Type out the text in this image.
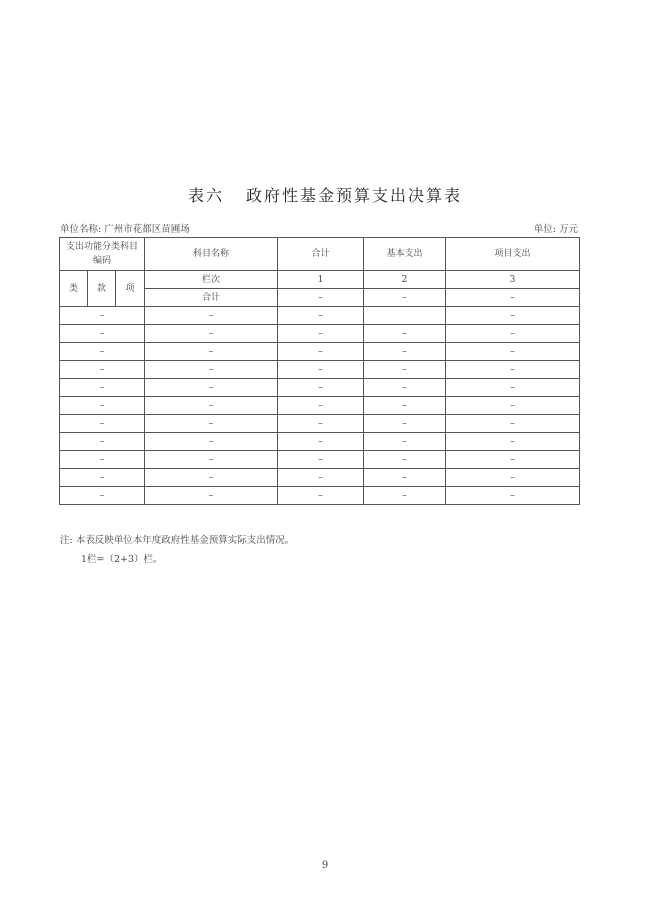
表六 政府性基金预算支出决算表
单位名称: 广州市花都区苗圃场	单位: 万元
支出功能分类科目编码			科目名称	合计	基本支出	项目支出
类	款	项	栏次	1	2	3
			合计	–	–	–
–			–	–		–
–			–	–	–	–
–			–	–	–	–
–			–	–	–	–
–			–	–	–	–
–			–	–	–	–
–			–	–	–	–
–			–	–	–	–
–			–	–	–	–
–			–	–	–	–
–			–	–	–	–
注: 本表反映单位本年度政府性基金预算实际支出情况。
1栏=（2+3）栏。
9
